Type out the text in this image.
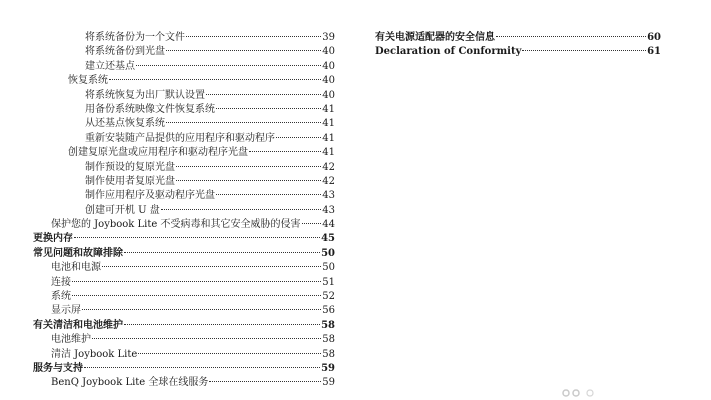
将系统备份为一个文件	39
将系统备份到光盘	40
建立还基点	40
恢复系统	40
将系统恢复为出厂默认设置	40
用备份系统映像文件恢复系统	41
从还基点恢复系统	41
重新安装随产品提供的应用程序和驱动程序	41
创建复原光盘或应用程序和驱动程序光盘	41
制作预设的复原光盘	42
制作使用者复原光盘	42
制作应用程序及驱动程序光盘	43
创建可开机 U 盘	43
保护您的 Joybook Lite 不受病毒和其它安全威胁的侵害 44
更换内存	45
常见问题和故障排除	50
电池和电源	50
连接	51
系统	52
显示屏	56
有关清洁和电池维护	58
电池维护	58
清洁 Joybook Lite	58
服务与支持	59
BenQ Joybook Lite 全球在线服务	59
有关电源适配器的安全信息	60
Declaration of Conformity	61
